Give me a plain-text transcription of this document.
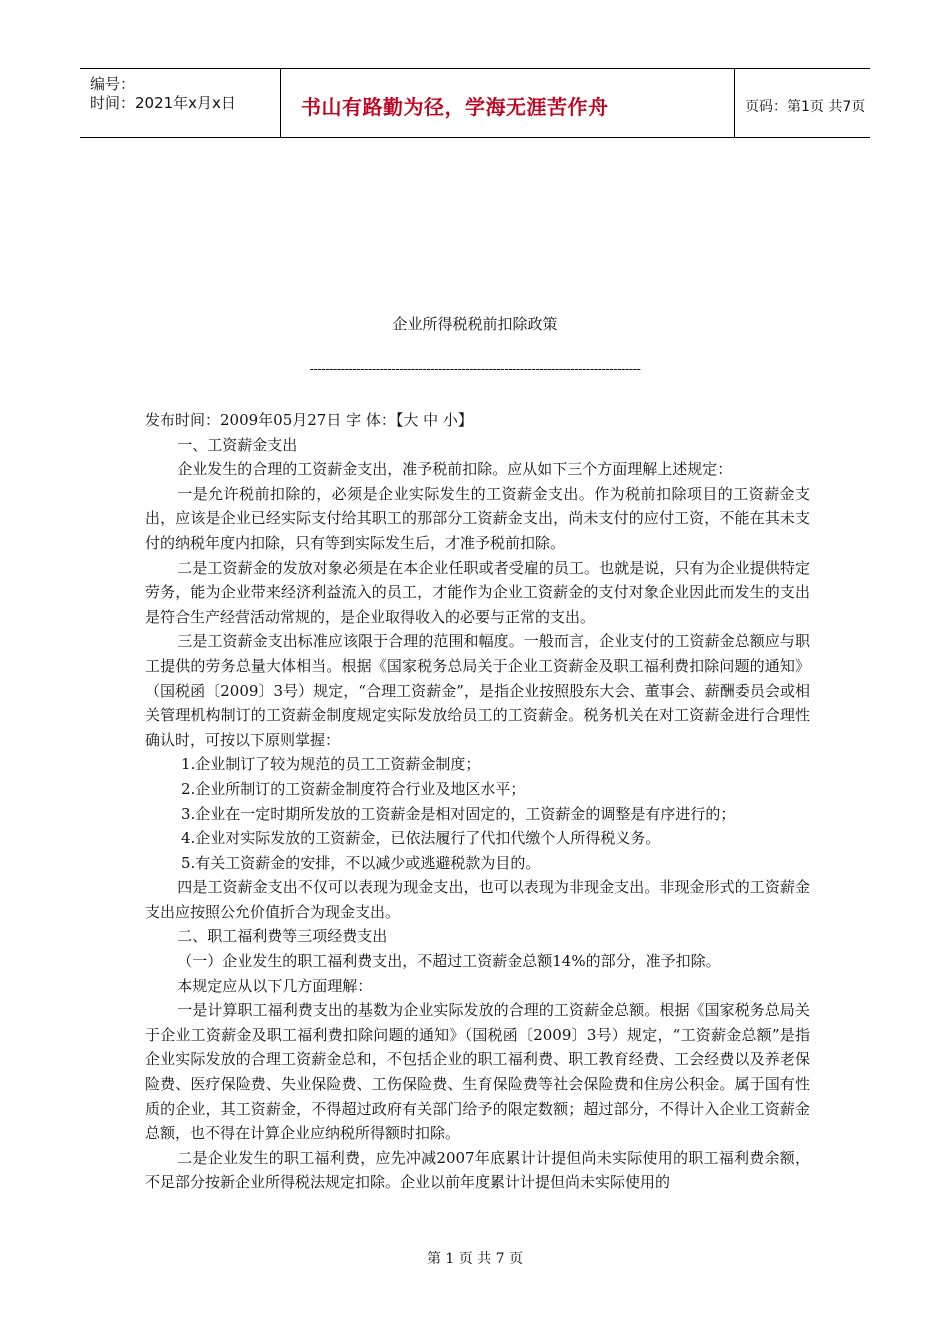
编号：
时间：2021年x月x日	书山有路勤为径，学海无涯苦作舟	页码：第1页 共7页
企业所得税税前扣除政策
-------------------------------------------------------------------------------------

发布时间：2009年05月27日 字 体：【大 中 小】

一、工资薪金支出

企业发生的合理的工资薪金支出，准予税前扣除。应从如下三个方面理解上述规定：

一是允许税前扣除的，必须是企业实际发生的工资薪金支出。作为税前扣除项目的工资薪金支出，应该是企业已经实际支付给其职工的那部分工资薪金支出，尚未支付的应付工资，不能在其未支付的纳税年度内扣除，只有等到实际发生后，才准予税前扣除。

二是工资薪金的发放对象必须是在本企业任职或者受雇的员工。也就是说，只有为企业提供特定劳务，能为企业带来经济利益流入的员工，才能作为企业工资薪金的支付对象企业因此而发生的支出是符合生产经营活动常规的，是企业取得收入的必要与正常的支出。

三是工资薪金支出标准应该限于合理的范围和幅度。一般而言，企业支付的工资薪金总额应与职工提供的劳务总量大体相当。根据《国家税务总局关于企业工资薪金及职工福利费扣除问题的通知》（国税函〔2009〕3号）规定，“合理工资薪金”，是指企业按照股东大会、董事会、薪酬委员会或相关管理机构制订的工资薪金制度规定实际发放给员工的工资薪金。税务机关在对工资薪金进行合理性确认时，可按以下原则掌握：

1.企业制订了较为规范的员工工资薪金制度；

2.企业所制订的工资薪金制度符合行业及地区水平；

3.企业在一定时期所发放的工资薪金是相对固定的，工资薪金的调整是有序进行的；

4.企业对实际发放的工资薪金，已依法履行了代扣代缴个人所得税义务。

5.有关工资薪金的安排，不以减少或逃避税款为目的。

四是工资薪金支出不仅可以表现为现金支出，也可以表现为非现金支出。非现金形式的工资薪金支出应按照公允价值折合为现金支出。

二、职工福利费等三项经费支出

（一）企业发生的职工福利费支出，不超过工资薪金总额14%的部分，准予扣除。

本规定应从以下几方面理解：

一是计算职工福利费支出的基数为企业实际发放的合理的工资薪金总额。根据《国家税务总局关于企业工资薪金及职工福利费扣除问题的通知》（国税函〔2009〕3号）规定，“工资薪金总额”是指企业实际发放的合理工资薪金总和，不包括企业的职工福利费、职工教育经费、工会经费以及养老保险费、医疗保险费、失业保险费、工伤保险费、生育保险费等社会保险费和住房公积金。属于国有性质的企业，其工资薪金，不得超过政府有关部门给予的限定数额；超过部分，不得计入企业工资薪金总额，也不得在计算企业应纳税所得额时扣除。

二是企业发生的职工福利费，应先冲减2007年底累计计提但尚未实际使用的职工福利费余额，不足部分按新企业所得税法规定扣除。企业以前年度累计计提但尚未实际使用的

第 1 页 共 7 页
